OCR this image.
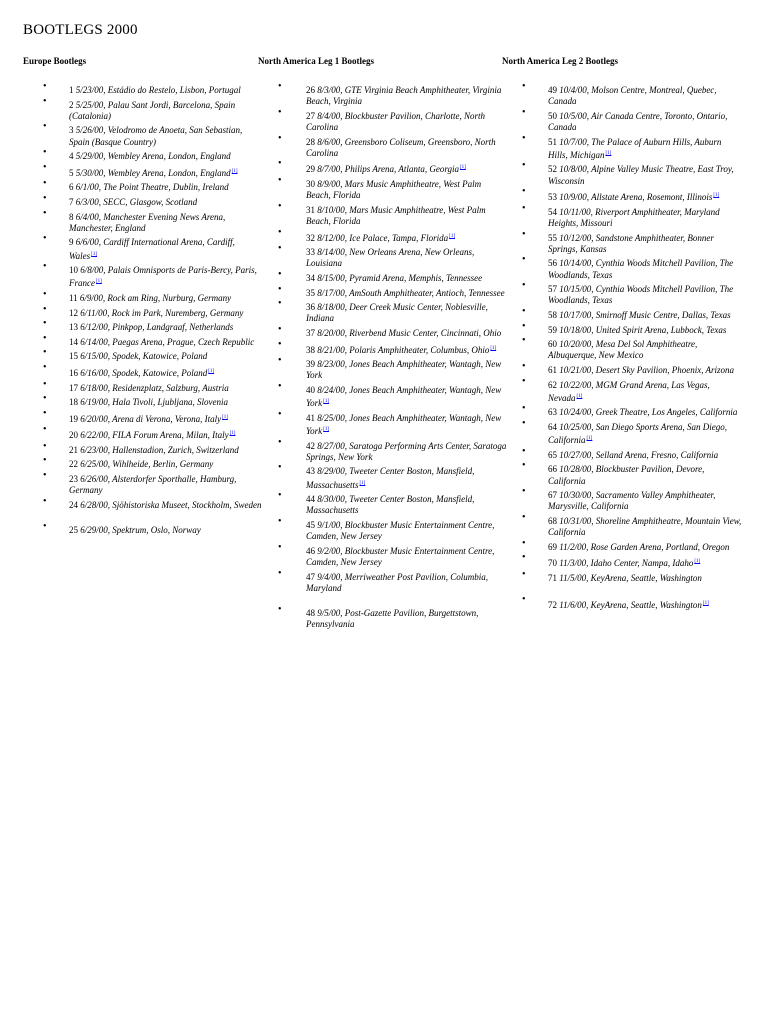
BOOTLEGS 2000
Europe Bootlegs
• 1 5/23/00, Estádio do Restelo, Lisbon, Portugal
• 2 5/25/00, Palau Sant Jordi, Barcelona, Spain (Catalonia)
• 3 5/26/00, Velodromo de Anoeta, San Sebastian, Spain (Basque Country)
• 4 5/29/00, Wembley Arena, London, England
• 5 5/30/00, Wembley Arena, London, England[1]
• 6 6/1/00, The Point Theatre, Dublin, Ireland
• 7 6/3/00, SECC, Glasgow, Scotland
• 8 6/4/00, Manchester Evening News Arena, Manchester, England
• 9 6/6/00, Cardiff International Arena, Cardiff, Wales[1]
• 10 6/8/00, Palais Omnisports de Paris-Bercy, Paris, France[1]
• 11 6/9/00, Rock am Ring, Nurburg, Germany
• 12 6/11/00, Rock im Park, Nuremberg, Germany
• 13 6/12/00, Pinkpop, Landgraaf, Netherlands
• 14 6/14/00, Paegas Arena, Prague, Czech Republic
• 15 6/15/00, Spodek, Katowice, Poland
• 16 6/16/00, Spodek, Katowice, Poland[1]
• 17 6/18/00, Residenzplatz, Salzburg, Austria
• 18 6/19/00, Hala Tivoli, Ljubljana, Slovenia
• 19 6/20/00, Arena di Verona, Verona, Italy[1]
• 20 6/22/00, FILA Forum Arena, Milan, Italy[1]
• 21 6/23/00, Hallenstadion, Zurich, Switzerland
• 22 6/25/00, Wihlheide, Berlin, Germany
• 23 6/26/00, Alsterdorfer Sporthalle, Hamburg, Germany
• 24 6/28/00, Sjöhistoriska Museet, Stockholm, Sweden
• 25 6/29/00, Spektrum, Oslo, Norway
North America Leg 1 Bootlegs
•	26 8/3/00, GTE Virginia Beach Amphitheater, Virginia Beach, Virginia
•	27 8/4/00, Blockbuster Pavilion, Charlotte, North Carolina
•	28 8/6/00, Greensboro Coliseum, Greensboro, North Carolina
•	29 8/7/00, Philips Arena, Atlanta, Georgia[1]
•	30 8/9/00, Mars Music Amphitheatre, West Palm Beach, Florida
•	31 8/10/00, Mars Music Amphitheatre, West Palm Beach, Florida
•	32 8/12/00, Ice Palace, Tampa, Florida[1]
•	33 8/14/00, New Orleans Arena, New Orleans, Louisiana
•	34 8/15/00, Pyramid Arena, Memphis, Tennessee
•	35 8/17/00, AmSouth Amphitheater, Antioch, Tennessee
•	36 8/18/00, Deer Creek Music Center, Noblesville, Indiana
•	37 8/20/00, Riverbend Music Center, Cincinnati, Ohio
•	38 8/21/00, Polaris Amphitheater, Columbus, Ohio[1]
•	39 8/23/00, Jones Beach Amphitheater, Wantagh, New York
•	40 8/24/00, Jones Beach Amphitheater, Wantagh, New York[1]
•	41 8/25/00, Jones Beach Amphitheater, Wantagh, New York[1]
•	42 8/27/00, Saratoga Performing Arts Center, Saratoga Springs, New York
•	43 8/29/00, Tweeter Center Boston, Mansfield, Massachusetts[1]
•	44 8/30/00, Tweeter Center Boston, Mansfield, Massachusetts
•	45 9/1/00, Blockbuster Music Entertainment Centre, Camden, New Jersey
•	46 9/2/00, Blockbuster Music Entertainment Centre, Camden, New Jersey
•	47 9/4/00, Merriweather Post Pavilion, Columbia, Maryland
•	48 9/5/00, Post-Gazette Pavilion, Burgettstown, Pennsylvania
North America Leg 2 Bootlegs
• 49 10/4/00, Molson Centre, Montreal, Quebec, Canada
• 50 10/5/00, Air Canada Centre, Toronto, Ontario, Canada
• 51 10/7/00, The Palace of Auburn Hills, Auburn Hills, Michigan[1]
• 52 10/8/00, Alpine Valley Music Theatre, East Troy, Wisconsin
• 53 10/9/00, Allstate Arena, Rosemont, Illinois[1]
• 54 10/11/00, Riverport Amphitheater, Maryland Heights, Missouri
• 55 10/12/00, Sandstone Amphitheater, Bonner Springs, Kansas
• 56 10/14/00, Cynthia Woods Mitchell Pavilion, The Woodlands, Texas
• 57 10/15/00, Cynthia Woods Mitchell Pavilion, The Woodlands, Texas
• 58 10/17/00, Smirnoff Music Centre, Dallas, Texas
• 59 10/18/00, United Spirit Arena, Lubbock, Texas
• 60 10/20/00, Mesa Del Sol Amphitheatre, Albuquerque, New Mexico
• 61 10/21/00, Desert Sky Pavilion, Phoenix, Arizona
• 62 10/22/00, MGM Grand Arena, Las Vegas, Nevada[1]
• 63 10/24/00, Greek Theatre, Los Angeles, California
• 64 10/25/00, San Diego Sports Arena, San Diego, California[1]
• 65 10/27/00, Selland Arena, Fresno, California
• 66 10/28/00, Blockbuster Pavilion, Devore, California
• 67 10/30/00, Sacramento Valley Amphitheater, Marysville, California
• 68 10/31/00, Shoreline Amphitheatre, Mountain View, California
• 69 11/2/00, Rose Garden Arena, Portland, Oregon
• 70 11/3/00, Idaho Center, Nampa, Idaho[1]
• 71 11/5/00, KeyArena, Seattle, Washington
• 72 11/6/00, KeyArena, Seattle, Washington[1]
